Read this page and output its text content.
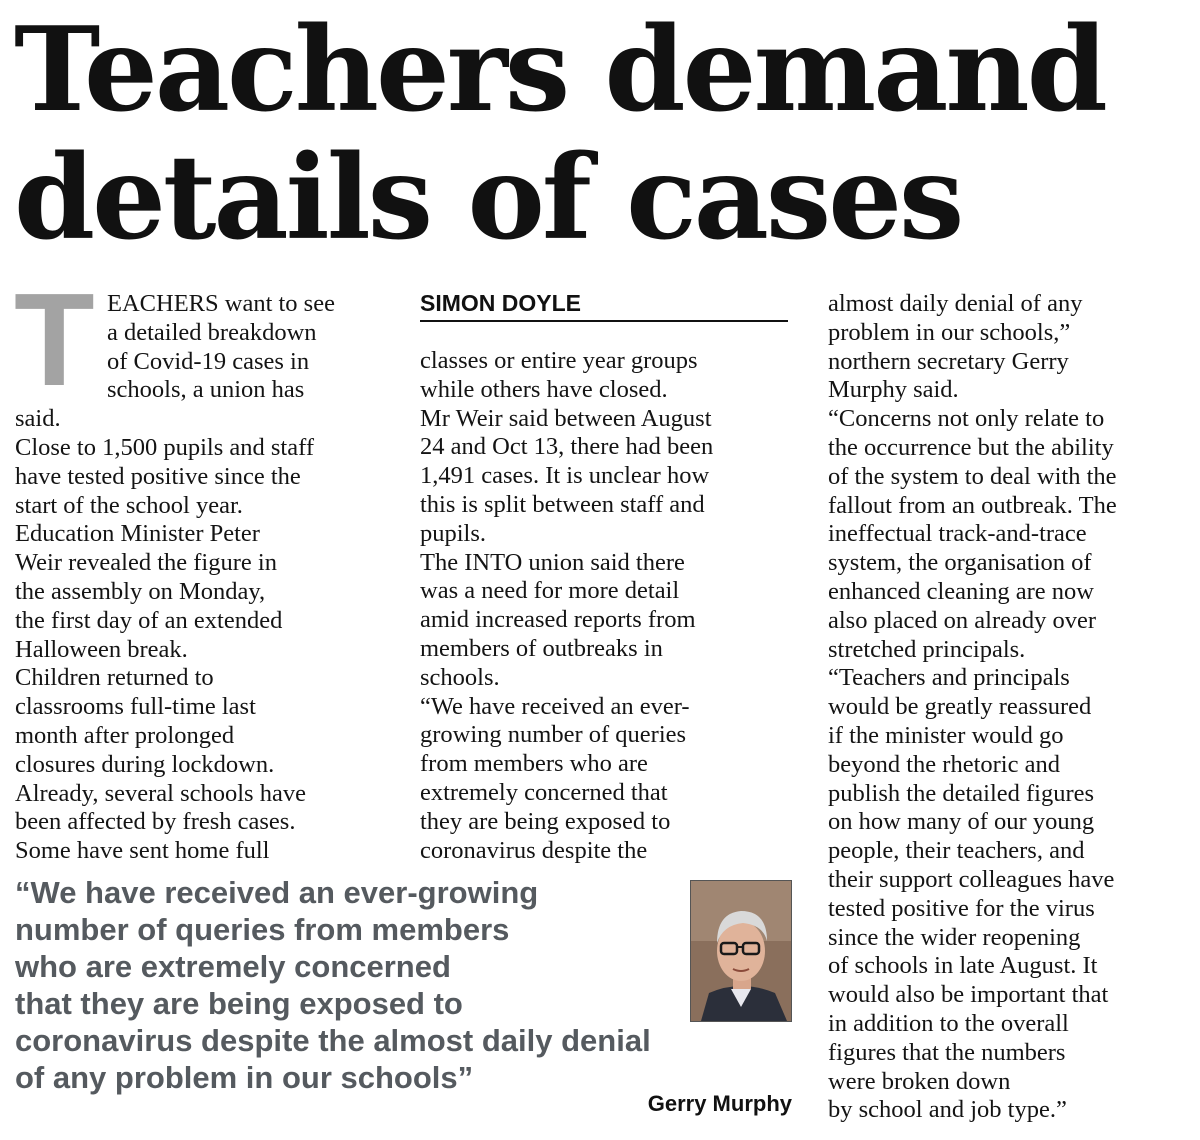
Teachers demand
details of cases
T EACHERS want to see
a detailed breakdown
of Covid-19 cases in
schools, a union has
said.
Close to 1,500 pupils and staff
have tested positive since the
start of the school year.
Education Minister Peter
Weir revealed the figure in
the assembly on Monday,
the first day of an extended
Halloween break.
Children returned to
classrooms full-time last
month after prolonged
closures during lockdown.
Already, several schools have
been affected by fresh cases.
Some have sent home full
SIMON DOYLE
classes or entire year groups
while others have closed.
Mr Weir said between August
24 and Oct 13, there had been
1,491 cases. It is unclear how
this is split between staff and
pupils.
The INTO union said there
was a need for more detail
amid increased reports from
members of outbreaks in
schools.
“We have received an ever-
growing number of queries
from members who are
extremely concerned that
they are being exposed to
coronavirus despite the
almost daily denial of any
problem in our schools,”
northern secretary Gerry
Murphy said.
“Concerns not only relate to
the occurrence but the ability
of the system to deal with the
fallout from an outbreak. The
ineffectual track-and-trace
system, the organisation of
enhanced cleaning are now
also placed on already over
stretched principals.
“Teachers and principals
would be greatly reassured
if the minister would go
beyond the rhetoric and
publish the detailed figures
on how many of our young
people, their teachers, and
their support colleagues have
tested positive for the virus
since the wider reopening
of schools in late August. It
would also be important that
in addition to the overall
figures that the numbers
were broken down
by school and job type.”
“We have received an ever-growing
number of queries from members
who are extremely concerned
that they are being exposed to
coronavirus despite the almost daily denial
of any problem in our schools”
Gerry Murphy
